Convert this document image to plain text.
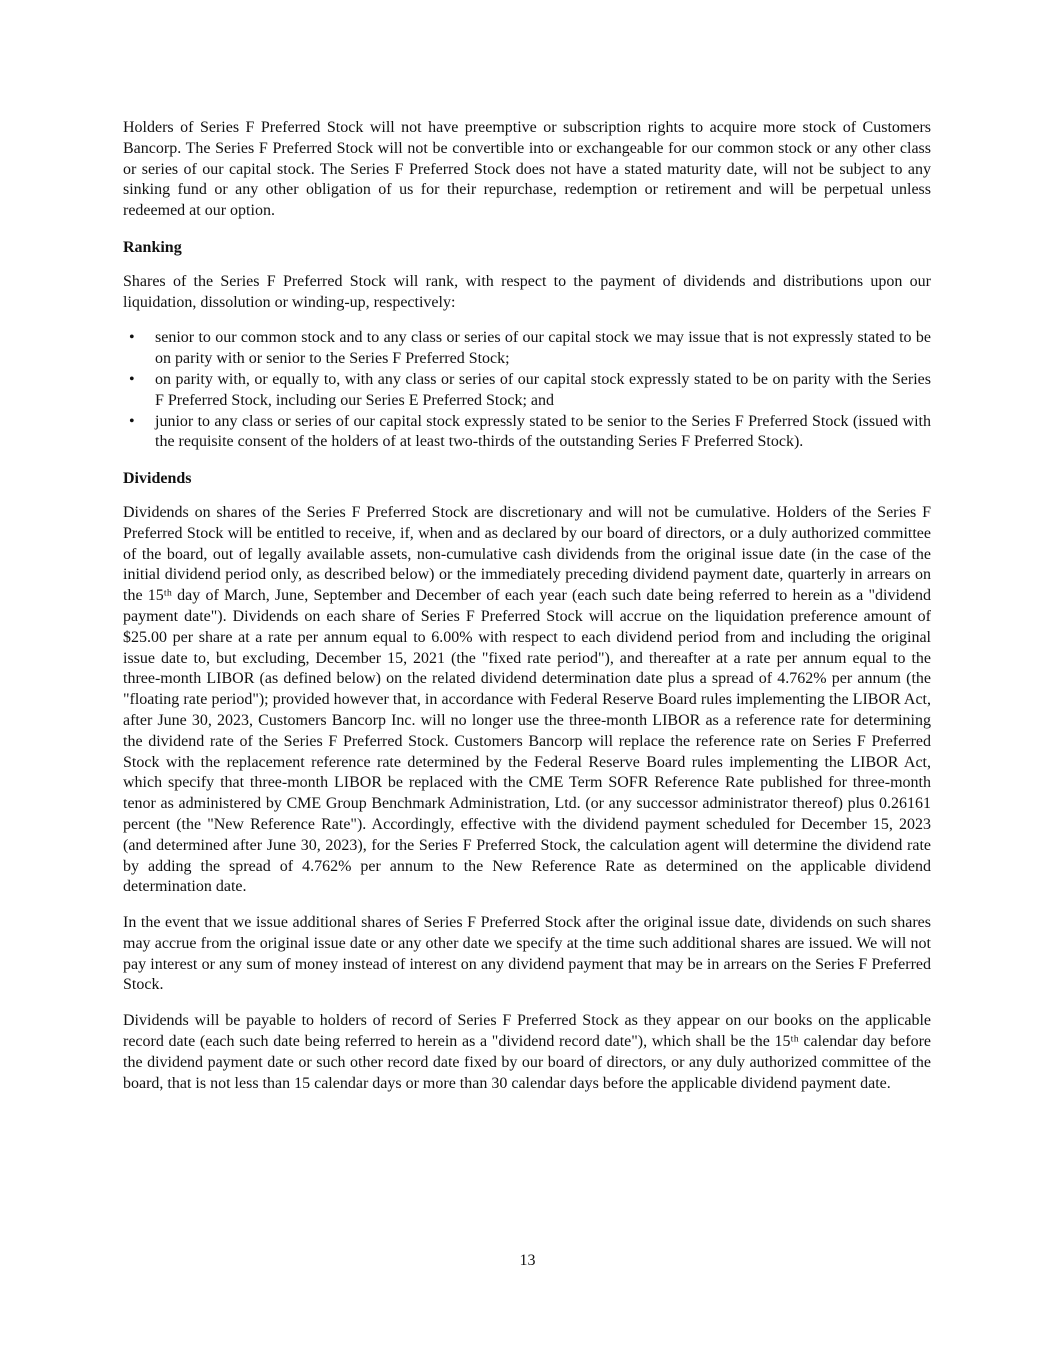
Holders of Series F Preferred Stock will not have preemptive or subscription rights to acquire more stock of Customers Bancorp. The Series F Preferred Stock will not be convertible into or exchangeable for our common stock or any other class or series of our capital stock. The Series F Preferred Stock does not have a stated maturity date, will not be subject to any sinking fund or any other obligation of us for their repurchase, redemption or retirement and will be perpetual unless redeemed at our option.

Ranking

Shares of the Series F Preferred Stock will rank, with respect to the payment of dividends and distributions upon our liquidation, dissolution or winding-up, respectively:

• senior to our common stock and to any class or series of our capital stock we may issue that is not expressly stated to be on parity with or senior to the Series F Preferred Stock;
• on parity with, or equally to, with any class or series of our capital stock expressly stated to be on parity with the Series F Preferred Stock, including our Series E Preferred Stock; and
• junior to any class or series of our capital stock expressly stated to be senior to the Series F Preferred Stock (issued with the requisite consent of the holders of at least two-thirds of the outstanding Series F Preferred Stock).
Dividends

Dividends on shares of the Series F Preferred Stock are discretionary and will not be cumulative. Holders of the Series F Preferred Stock will be entitled to receive, if, when and as declared by our board of directors, or a duly authorized committee of the board, out of legally available assets, non-cumulative cash dividends from the original issue date (in the case of the initial dividend period only, as described below) or the immediately preceding dividend payment date, quarterly in arrears on the 15ᵗʰ day of March, June, September and December of each year (each such date being referred to herein as a "dividend payment date"). Dividends on each share of Series F Preferred Stock will accrue on the liquidation preference amount of $25.00 per share at a rate per annum equal to 6.00% with respect to each dividend period from and including the original issue date to, but excluding, December 15, 2021 (the "fixed rate period"), and thereafter at a rate per annum equal to the three-month LIBOR (as defined below) on the related dividend determination date plus a spread of 4.762% per annum (the "floating rate period"); provided however that, in accordance with Federal Reserve Board rules implementing the LIBOR Act, after June 30, 2023, Customers Bancorp Inc. will no longer use the three-month LIBOR as a reference rate for determining the dividend rate of the Series F Preferred Stock. Customers Bancorp will replace the reference rate on Series F Preferred Stock with the replacement reference rate determined by the Federal Reserve Board rules implementing the LIBOR Act, which specify that three-month LIBOR be replaced with the CME Term SOFR Reference Rate published for three-month tenor as administered by CME Group Benchmark Administration, Ltd. (or any successor administrator thereof) plus 0.26161 percent (the "New Reference Rate"). Accordingly, effective with the dividend payment scheduled for December 15, 2023 (and determined after June 30, 2023), for the Series F Preferred Stock, the calculation agent will determine the dividend rate by adding the spread of 4.762% per annum to the New Reference Rate as determined on the applicable dividend determination date.

In the event that we issue additional shares of Series F Preferred Stock after the original issue date, dividends on such shares may accrue from the original issue date or any other date we specify at the time such additional shares are issued. We will not pay interest or any sum of money instead of interest on any dividend payment that may be in arrears on the Series F Preferred Stock.

Dividends will be payable to holders of record of Series F Preferred Stock as they appear on our books on the applicable record date (each such date being referred to herein as a "dividend record date"), which shall be the 15ᵗʰ calendar day before the dividend payment date or such other record date fixed by our board of directors, or any duly authorized committee of the board, that is not less than 15 calendar days or more than 30 calendar days before the applicable dividend payment date.

13
